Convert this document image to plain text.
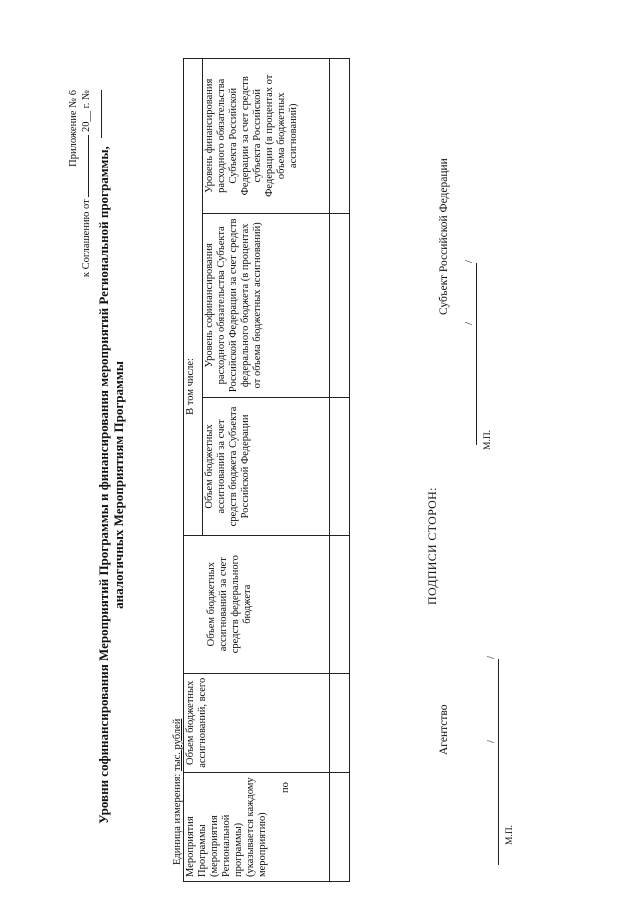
Приложение № 6
к Соглашению от  20__ г. №
Уровни софинансирования Мероприятий Программы и финансирования мероприятий Региональной программы, аналогичных Мероприятиям Программы
Единица измерения: тыс. рублей
Мероприятия Программы (мероприятия Региональной программы) (указывается каждому мероприятию)	Объем бюджетных ассигнований, всего	Объем бюджетных ассигнований за счет средств федерального бюджета	В том числе:		
			Объем бюджетных ассигнований за счет средств бюджета Субъекта Российской Федерации	Уровень софинансирования расходного обязательства Субъекта Российской Федерации за счет средств федерального бюджета (в процентах от объема бюджетных ассигнований)	Уровень финансирования расходного обязательства Субъекта Российской Федерации за счет средств субъекта Российской Федерации (в процентах от объема бюджетных ассигнований)

по
ПОДПИСИ СТОРОН:
Агентство
Субъект Российской Федерации
/
/
М.П.
/
/
М.П.
